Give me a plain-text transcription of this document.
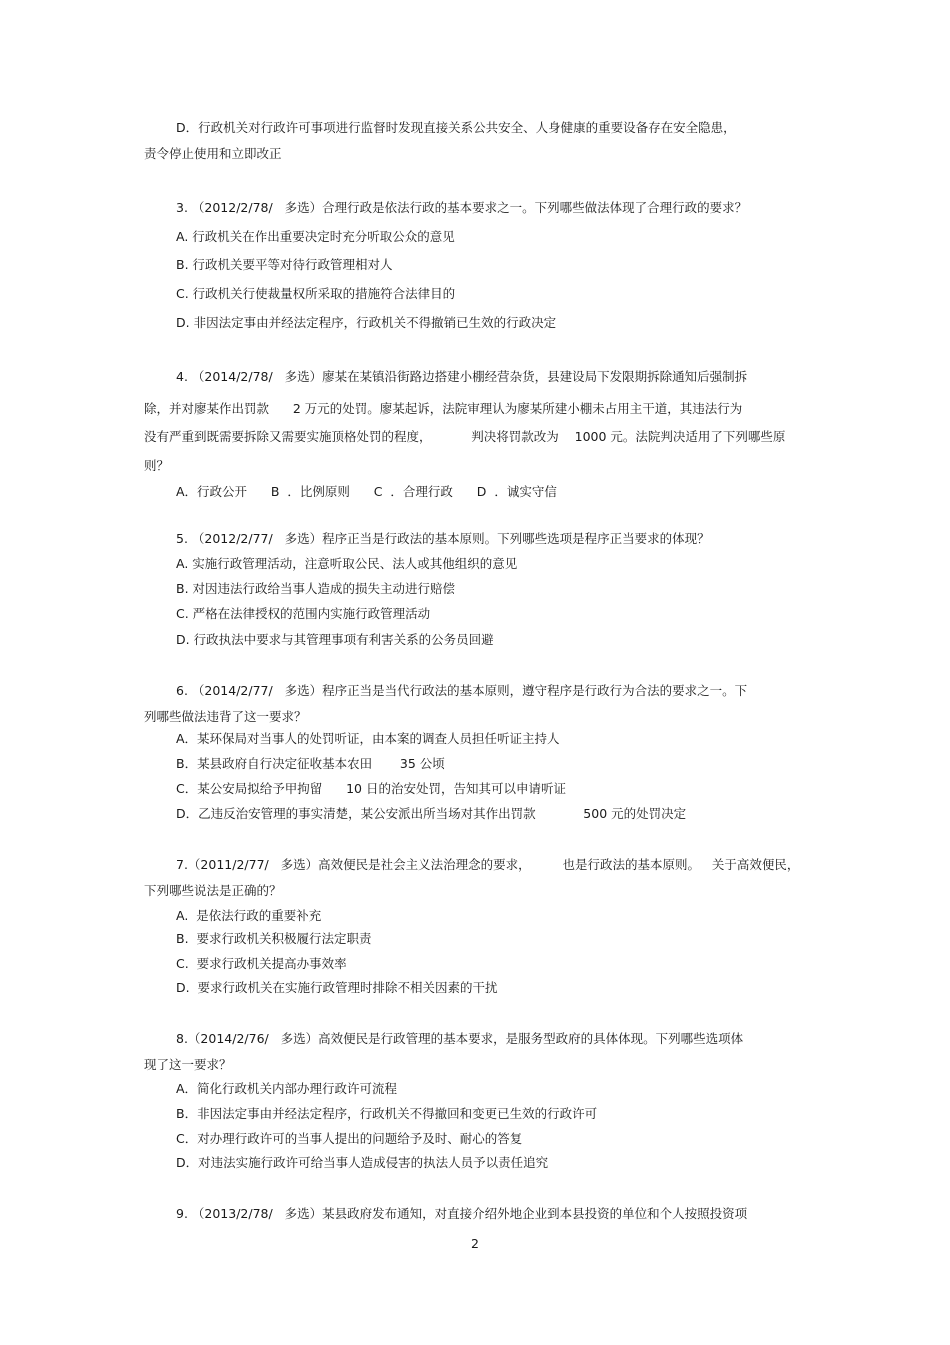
D．行政机关对行政许可事项进行监督时发现直接关系公共安全、人身健康的重要设备存在安全隐患，
责令停止使用和立即改正
3. （2012/2/78/   多选）合理行政是依法行政的基本要求之一。下列哪些做法体现了合理行政的要求？
A. 行政机关在作出重要决定时充分听取公众的意见
B. 行政机关要平等对待行政管理相对人
C. 行政机关行使裁量权所采取的措施符合法律目的
D. 非因法定事由并经法定程序，行政机关不得撤销已生效的行政决定
4. （2014/2/78/   多选）廖某在某镇沿街路边搭建小棚经营杂货，县建设局下发限期拆除通知后强制拆
除，并对廖某作出罚款      2 万元的处罚。廖某起诉，法院审理认为廖某所建小棚未占用主干道，其违法行为
没有严重到既需要拆除又需要实施顶格处罚的程度，          判决将罚款改为    1000 元。法院判决适用了下列哪些原
则？
A．行政公开      B  ．比例原则      C  ．合理行政      D  ．诚实守信
5. （2012/2/77/   多选）程序正当是行政法的基本原则。下列哪些选项是程序正当要求的体现？
A. 实施行政管理活动，注意听取公民、法人或其他组织的意见
B. 对因违法行政给当事人造成的损失主动进行赔偿
C. 严格在法律授权的范围内实施行政管理活动
D. 行政执法中要求与其管理事项有利害关系的公务员回避
6. （2014/2/77/   多选）程序正当是当代行政法的基本原则，遵守程序是行政行为合法的要求之一。下
列哪些做法违背了这一要求？
A．某环保局对当事人的处罚听证，由本案的调查人员担任听证主持人
B．某县政府自行决定征收基本农田       35 公顷
C．某公安局拟给予甲拘留      10 日的治安处罚，告知其可以申请听证
D．乙违反治安管理的事实清楚，某公安派出所当场对其作出罚款            500 元的处罚决定
7.（2011/2/77/   多选）高效便民是社会主义法治理念的要求，        也是行政法的基本原则。   关于高效便民，
下列哪些说法是正确的？
A.  是依法行政的重要补充
B.  要求行政机关积极履行法定职责
C.  要求行政机关提高办事效率
D.  要求行政机关在实施行政管理时排除不相关因素的干扰
8.（2014/2/76/   多选）高效便民是行政管理的基本要求，是服务型政府的具体体现。下列哪些选项体
现了这一要求？
A．简化行政机关内部办理行政许可流程
B．非因法定事由并经法定程序，行政机关不得撤回和变更已生效的行政许可
C．对办理行政许可的当事人提出的问题给予及时、耐心的答复
D．对违法实施行政许可给当事人造成侵害的执法人员予以责任追究
9. （2013/2/78/   多选）某县政府发布通知，对直接介绍外地企业到本县投资的单位和个人按照投资项
2
